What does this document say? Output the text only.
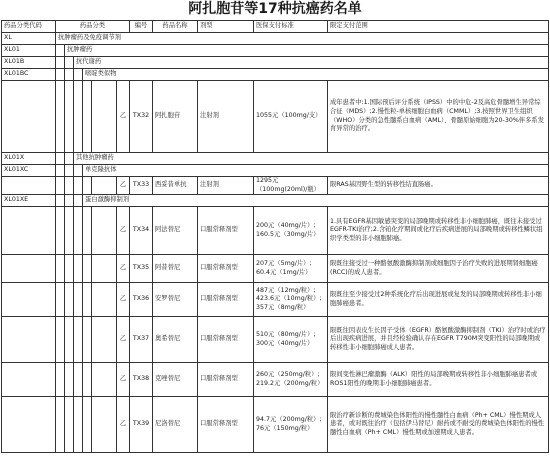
阿扎胞苷等17种抗癌药名单
药品分类代码	药品分类						编号	药品名称	剂型	医保支付标准	限定支付范围
XL	抗肿瘤药及免疫调节剂										
XL01		抗肿瘤药									
XL01B			抗代谢药								
XL01BC				嘧啶类似物							
						乙	TX32	阿扎胞苷	注射剂	1055元（100mg/支）	成年患者中:1.国际预后评分系统（IPSS）中的中危-2及高危骨髓增生异常综合征（MDS）;2.慢性粒-单核细胞白血病（CMML）;3.按照世界卫生组织（WHO）分类的急性髓系白血病（AML）、骨髓原始细胞为20-30%伴多系发育异常的治疗。
XL01X			其他抗肿瘤药								
XL01XC				单克隆抗体							
						乙	TX33	西妥昔单抗	注射剂	1295元（100mg(20ml)/瓶）	限RAS基因野生型的转移性结直肠癌。
XL01XE				蛋白激酶抑制剂							
						乙	TX34	阿法替尼	口服常释剂型	200元（40mg/片）;
160.5元（30mg/片）	1.具有EGFR基因敏感突变的局部晚期或转移性非小细胞肺癌，既往未接受过EGFR-TKI治疗;2.含铂化疗期间或化疗后疾病进展的局部晚期或转移性鳞状组织学类型的非小细胞肺癌。
						乙	TX35	阿昔替尼	口服常释剂型	207元（5mg/片）;
60.4元（1mg/片）	限既往接受过一种酪氨酸激酶抑制剂或细胞因子治疗失败的进展期肾细胞癌(RCC)的成人患者。
						乙	TX36	安罗替尼	口服常释剂型	487元（12mg/粒）;
423.6元（10mg/粒）;
357元（8mg/粒）	限既往至少接受过2种系统化疗后出现进展或复发的局部晚期或转移性非小细胞肺癌患者。
						乙	TX37	奥希替尼	口服常释剂型	510元（80mg/片）;
300元（40mg/片）	限既往因表皮生长因子受体（EGFR）酪氨酸激酶抑制剂（TKI）治疗时或治疗后出现疾病进展，并且经检验确认存在EGFR T790M突变阳性的局部晚期或转移性非小细胞肺癌成人患者。
						乙	TX38	克唑替尼	口服常释剂型	260元（250mg/粒）;
219.2元（200mg/粒）	限间变性淋巴瘤激酶（ALK）阳性的局部晚期或转移性非小细胞肺癌患者或ROS1阳性的晚期非小细胞肺癌患者。
						乙	TX39	尼洛替尼	口服常释剂型	94.7元（200mg/粒）;
76元（150mg/粒）	限治疗新诊断的费城染色体阳性的慢性髓性白血病（Ph+ CML）慢性期成人患者，或对既往治疗（包括伊马替尼）耐药或不耐受的费城染色体阳性的慢性髓性白血病（Ph+ CML）慢性期或加速期成人患者。
